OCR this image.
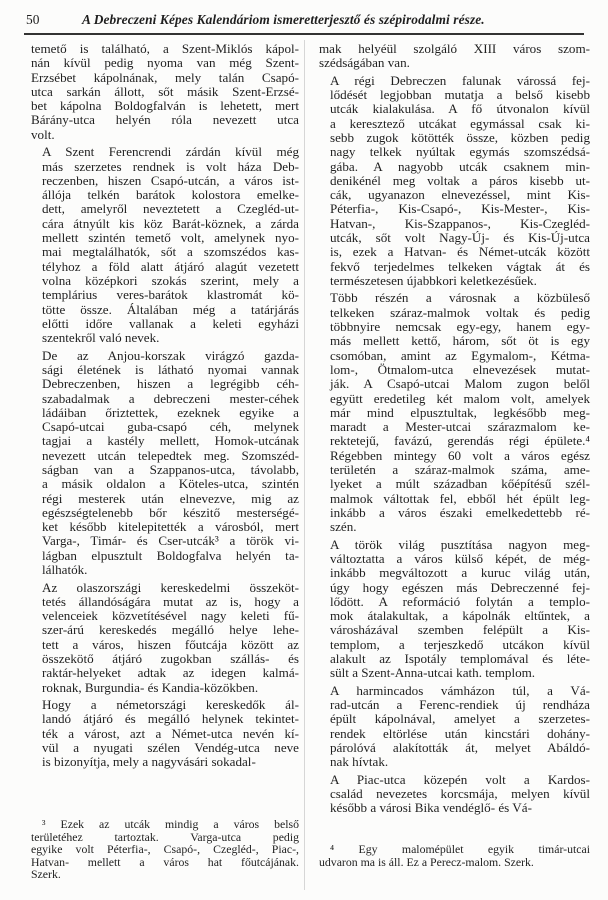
50	A Debreczeni Képes Kalendáriom ismeretterjesztő és szépirodalmi része.

temető is található, a Szent-Miklós kápol-
nán kívül pedig nyoma van még Szent-
Erzsébet kápolnának, mely talán Csapó-
utca sarkán állott, sőt másik Szent-Erzsé-
bet kápolna Boldogfalván is lehetett, mert
Bárány-utca helyén róla nevezett utca
volt.

A Szent Ferencrendi zárdán kívül még
más szerzetes rendnek is volt háza Deb-
reczenben, hiszen Csapó-utcán, a város ist-
állója telkén barátok kolostora emelke-
dett, amelyről neveztetett a Czegléd-ut-
cára átnyúlt kis köz Barát-köznek, a zárda
mellett szintén temető volt, amelynek nyo-
mai megtalálhatók, sőt a szomszédos kas-
télyhoz a föld alatt átjáró alagút vezetett
volna középkori szokás szerint, mely a
templárius veres-barátok klastromát kö-
tötte össze. Általában még a tatárjárás
előtti időre vallanak a keleti egyházi
szentekről való nevek.

De az Anjou-korszak virágzó gazda-
sági életének is látható nyomai vannak
Debreczenben, hiszen a legrégibb céh-
szabadalmak a debreczeni mester-céhek
ládáiban őriztettek, ezeknek egyike a
Csapó-utcai guba-csapó céh, melynek
tagjai a kastély mellett, Homok-utcának
nevezett utcán telepedtek meg. Szomszéd-
ságban van a Szappanos-utca, távolabb,
a másik oldalon a Köteles-utca, szintén
régi mesterek után elnevezve, mig az
egészségtelenebb bőr készitő mesterségé-
ket később kitelepitették a városból, mert
Varga-, Timár- és Cser-utcák³ a török vi-
lágban elpusztult Boldogfalva helyén ta-
lálhatók.

Az olaszországi kereskedelmi összeköt-
tetés állandóságára mutat az is, hogy a
velenceiek közvetítésével nagy keleti fű-
szer-árú kereskedés megálló helye lehe-
tett a város, hiszen főutcája között az
összekötő átjáró zugokban szállás- és
raktár-helyeket adtak az idegen kalmá-
roknak, Burgundia- és Kandia-közökben.

Hogy a németországi kereskedők ál-
landó átjáró és megálló helynek tekintet-
ték a várost, azt a Német-utca nevén kí-
vül a nyugati szélen Vendég-utca neve
is bizonyítja, mely a nagyvásári sokadal-

mak helyéül szolgáló XIII város szom-
szédságában van.

A régi Debreczen falunak várossá fej-
lődését legjobban mutatja a belső kisebb
utcák kialakulása. A fő útvonalon kívül
a keresztező utcákat egymással csak ki-
sebb zugok kötötték össze, közben pedig
nagy telkek nyúltak egymás szomszédsá-
gába. A nagyobb utcák csaknem min-
denikénél meg voltak a páros kisebb ut-
cák, ugyanazon elnevezéssel, mint Kis-
Péterfia-, Kis-Csapó-, Kis-Mester-, Kis-
Hatvan-, Kis-Szappanos-, Kis-Czegléd-
utcák, sőt volt Nagy-Új- és Kis-Új-utca
is, ezek a Hatvan- és Német-utcák között
fekvő terjedelmes telkeken vágtak át és
természetesen újabbkori keletkezésűek.

Több részén a városnak a közbüleső
telkeken száraz-malmok voltak és pedig
többnyire nemcsak egy-egy, hanem egy-
más mellett kettő, három, sőt öt is egy
csomóban, amint az Egymalom-, Kétma-
lom-, Ötmalom-utca elnevezések mutat-
ják. A Csapó-utcai Malom zugon belől
együtt eredetileg két malom volt, amelyek
már mind elpusztultak, legkésőbb meg-
maradt a Mester-utcai szárazmalom ke-
rektetejű, favázú, gerendás régi épülete.⁴
Régebben mintegy 60 volt a város egész
területén a száraz-malmok száma, ame-
lyeket a múlt században kőépítésű szél-
malmok váltottak fel, ebből hét épült leg-
inkább a város északi emelkedettebb ré-
szén.

A török világ pusztítása nagyon meg-
változtatta a város külső képét, de még-
inkább megváltozott a kuruc világ után,
úgy hogy egészen más Debreczenné fej-
lődött. A reformáció folytán a templo-
mok átalakultak, a kápolnák eltűntek, a
városházával szemben felépült a Kis-
templom, a terjeszkedő utcákon kívül
alakult az Ispotály templomával és léte-
sült a Szent-Anna-utcai kath. templom.

A harmincados vámházon túl, a Vá-
rad-utcán a Ferenc-rendiek új rendháza
épült kápolnával, amelyet a szerzetes-
rendek eltörlése után kincstári dohány-
párolóvá alakították át, melyet Abáldó-
nak hívtak.

A Piac-utca közepén volt a Kardos-
család nevezetes korcsmája, melyen kívül
később a városi Bika vendéglő- és Vá-

³ Ezek az utcák mindig a város belső
területéhez tartoztak. Varga-utca pedig
egyike volt Péterfia-, Csapó-, Czegléd-, Piac-,
Hatvan- mellett a város hat főutcájának.
Szerk.
⁴ Egy malomépület egyik timár-utcai
udvaron ma is áll. Ez a Perecz-malom. Szerk.
